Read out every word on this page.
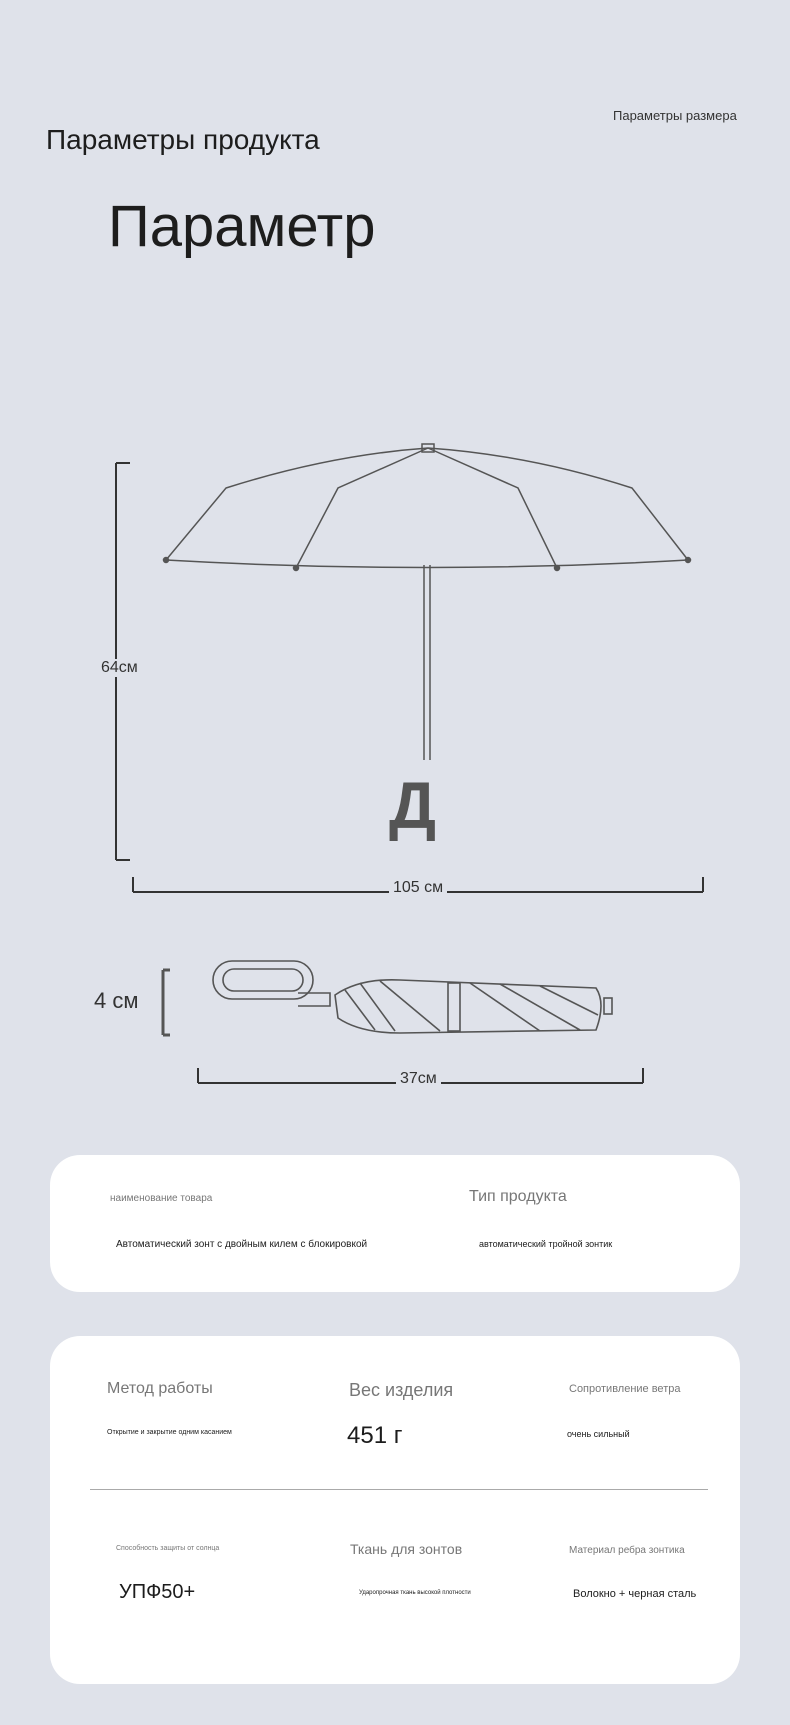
Параметры размера
Параметры продукта
Параметр
Д
64см
105 см
4 см
37см
наименование товара
Автоматический зонт с двойным килем с блокировкой
Тип продукта
автоматический тройной зонтик
Метод работы
Открытие и закрытие одним касанием
Вес изделия
451 г
Сопротивление ветра
очень сильный
Способность защиты от солнца
УПФ50+
Ткань для зонтов
Ударопрочная ткань высокой плотности
Материал ребра зонтика
Волокно + черная сталь
